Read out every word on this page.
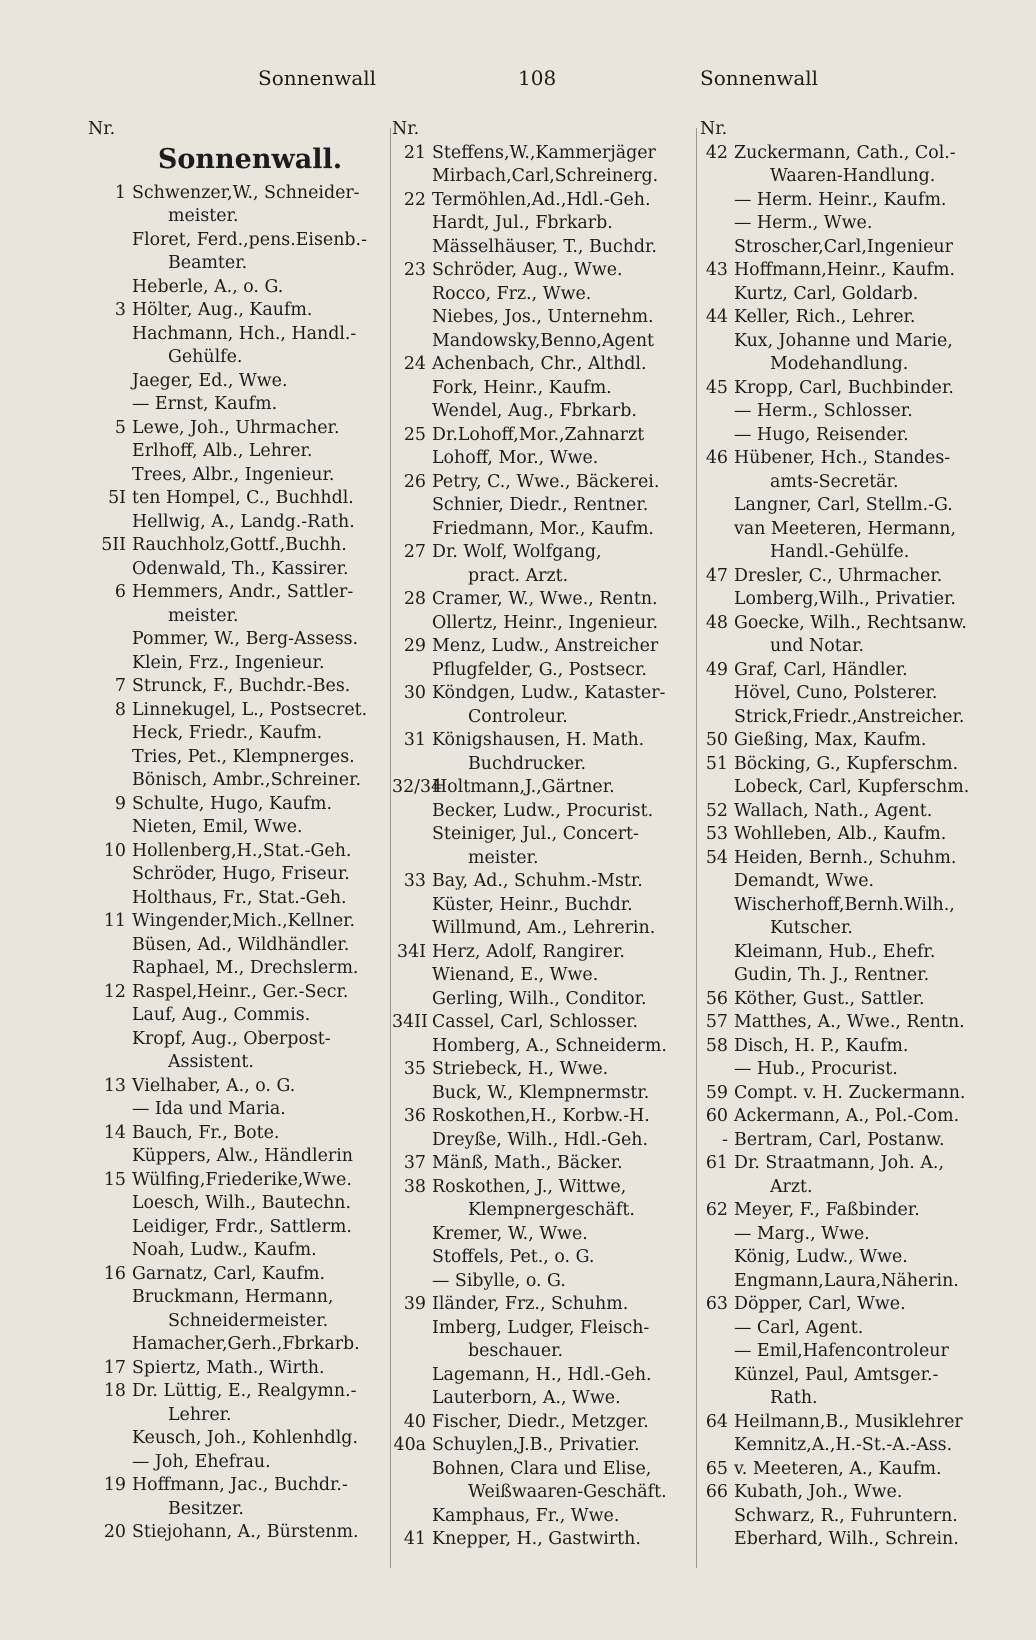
Sonnenwall	108	Sonnenwall
Nr.
Sonnenwall.
1 Schwenzer,W., Schneider-
meister.
Floret, Ferd.,pens.Eisenb.-
Beamter.
Heberle, A., o. G.
3 Hölter, Aug., Kaufm.
Hachmann, Hch., Handl.-
Gehülfe.
Jaeger, Ed., Wwe.
— Ernst, Kaufm.
5 Lewe, Joh., Uhrmacher.
Erlhoff, Alb., Lehrer.
Trees, Albr., Ingenieur.
5I ten Hompel, C., Buchhdl.
Hellwig, A., Landg.-Rath.
5II Rauchholz,Gottf.,Buchh.
Odenwald, Th., Kassirer.
6 Hemmers, Andr., Sattler-
meister.
Pommer, W., Berg-Assess.
Klein, Frz., Ingenieur.
7 Strunck, F., Buchdr.-Bes.
8 Linnekugel, L., Postsecret.
Heck, Friedr., Kaufm.
Tries, Pet., Klempnerges.
Bönisch, Ambr.,Schreiner.
9 Schulte, Hugo, Kaufm.
Nieten, Emil, Wwe.
10 Hollenberg,H.,Stat.-Geh.
Schröder, Hugo, Friseur.
Holthaus, Fr., Stat.-Geh.
11 Wingender,Mich.,Kellner.
Büsen, Ad., Wildhändler.
Raphael, M., Drechslerm.
12 Raspel,Heinr., Ger.-Secr.
Lauf, Aug., Commis.
Kropf, Aug., Oberpost-
Assistent.
13 Vielhaber, A., o. G.
— Ida und Maria.
14 Bauch, Fr., Bote.
Küppers, Alw., Händlerin
15 Wülfing,Friederike,Wwe.
Loesch, Wilh., Bautechn.
Leidiger, Frdr., Sattlerm.
Noah, Ludw., Kaufm.
16 Garnatz, Carl, Kaufm.
Bruckmann, Hermann,
Schneidermeister.
Hamacher,Gerh.,Fbrkarb.
17 Spiertz, Math., Wirth.
18 Dr. Lüttig, E., Realgymn.-
Lehrer.
Keusch, Joh., Kohlenhdlg.
— Joh, Ehefrau.
19 Hoffmann, Jac., Buchdr.-
Besitzer.
20 Stiejohann, A., Bürstenm.
Nr.
21 Steffens,W.,Kammerjäger
Mirbach,Carl,Schreinerg.
22 Termöhlen,Ad.,Hdl.-Geh.
Hardt, Jul., Fbrkarb.
Mässelhäuser, T., Buchdr.
23 Schröder, Aug., Wwe.
Rocco, Frz., Wwe.
Niebes, Jos., Unternehm.
Mandowsky,Benno,Agent
24 Achenbach, Chr., Althdl.
Fork, Heinr., Kaufm.
Wendel, Aug., Fbrkarb.
25 Dr.Lohoff,Mor.,Zahnarzt
Lohoff, Mor., Wwe.
26 Petry, C., Wwe., Bäckerei.
Schnier, Diedr., Rentner.
Friedmann, Mor., Kaufm.
27 Dr. Wolf, Wolfgang,
pract. Arzt.
28 Cramer, W., Wwe., Rentn.
Ollertz, Heinr., Ingenieur.
29 Menz, Ludw., Anstreicher
Pflugfelder, G., Postsecr.
30 Köndgen, Ludw., Kataster-
Controleur.
31 Königshausen, H. Math.
Buchdrucker.
32/34
Holtmann,J.,Gärtner.
Becker, Ludw., Procurist.
Steiniger, Jul., Concert-
meister.
33 Bay, Ad., Schuhm.-Mstr.
Küster, Heinr., Buchdr.
Willmund, Am., Lehrerin.
34I Herz, Adolf, Rangirer.
Wienand, E., Wwe.
Gerling, Wilh., Conditor.
34II Cassel, Carl, Schlosser.
Homberg, A., Schneiderm.
35 Striebeck, H., Wwe.
Buck, W., Klempnermstr.
36 Roskothen,H., Korbw.-H.
Dreyße, Wilh., Hdl.-Geh.
37 Mänß, Math., Bäcker.
38 Roskothen, J., Wittwe,
Klempnergeschäft.
Kremer, W., Wwe.
Stoffels, Pet., o. G.
— Sibylle, o. G.
39 Iländer, Frz., Schuhm.
Imberg, Ludger, Fleisch-
beschauer.
Lagemann, H., Hdl.-Geh.
Lauterborn, A., Wwe.
40 Fischer, Diedr., Metzger.
40a Schuylen,J.B., Privatier.
Bohnen, Clara und Elise,
Weißwaaren-Geschäft.
Kamphaus, Fr., Wwe.
41 Knepper, H., Gastwirth.
Nr.
42 Zuckermann, Cath., Col.-
Waaren-Handlung.
— Herm. Heinr., Kaufm.
— Herm., Wwe.
Stroscher,Carl,Ingenieur
43 Hoffmann,Heinr., Kaufm.
Kurtz, Carl, Goldarb.
44 Keller, Rich., Lehrer.
Kux, Johanne und Marie,
Modehandlung.
45 Kropp, Carl, Buchbinder.
— Herm., Schlosser.
— Hugo, Reisender.
46 Hübener, Hch., Standes-
amts-Secretär.
Langner, Carl, Stellm.-G.
van Meeteren, Hermann,
Handl.-Gehülfe.
47 Dresler, C., Uhrmacher.
Lomberg,Wilh., Privatier.
48 Goecke, Wilh., Rechtsanw.
und Notar.
49 Graf, Carl, Händler.
Hövel, Cuno, Polsterer.
Strick,Friedr.,Anstreicher.
50 Gießing, Max, Kaufm.
51 Böcking, G., Kupferschm.
Lobeck, Carl, Kupferschm.
52 Wallach, Nath., Agent.
53 Wohlleben, Alb., Kaufm.
54 Heiden, Bernh., Schuhm.
Demandt, Wwe.
Wischerhoff,Bernh.Wilh.,
Kutscher.
Kleimann, Hub., Ehefr.
Gudin, Th. J., Rentner.
56 Köther, Gust., Sattler.
57 Matthes, A., Wwe., Rentn.
58 Disch, H. P., Kaufm.
— Hub., Procurist.
59 Compt. v. H. Zuckermann.
60 Ackermann, A., Pol.-Com.
- Bertram, Carl, Postanw.
61 Dr. Straatmann, Joh. A.,
Arzt.
62 Meyer, F., Faßbinder.
— Marg., Wwe.
König, Ludw., Wwe.
Engmann,Laura,Näherin.
63 Döpper, Carl, Wwe.
— Carl, Agent.
— Emil,Hafencontroleur
Künzel, Paul, Amtsger.-
Rath.
64 Heilmann,B., Musiklehrer
Kemnitz,A.,H.-St.-A.-Ass.
65 v. Meeteren, A., Kaufm.
66 Kubath, Joh., Wwe.
Schwarz, R., Fuhruntern.
Eberhard, Wilh., Schrein.
